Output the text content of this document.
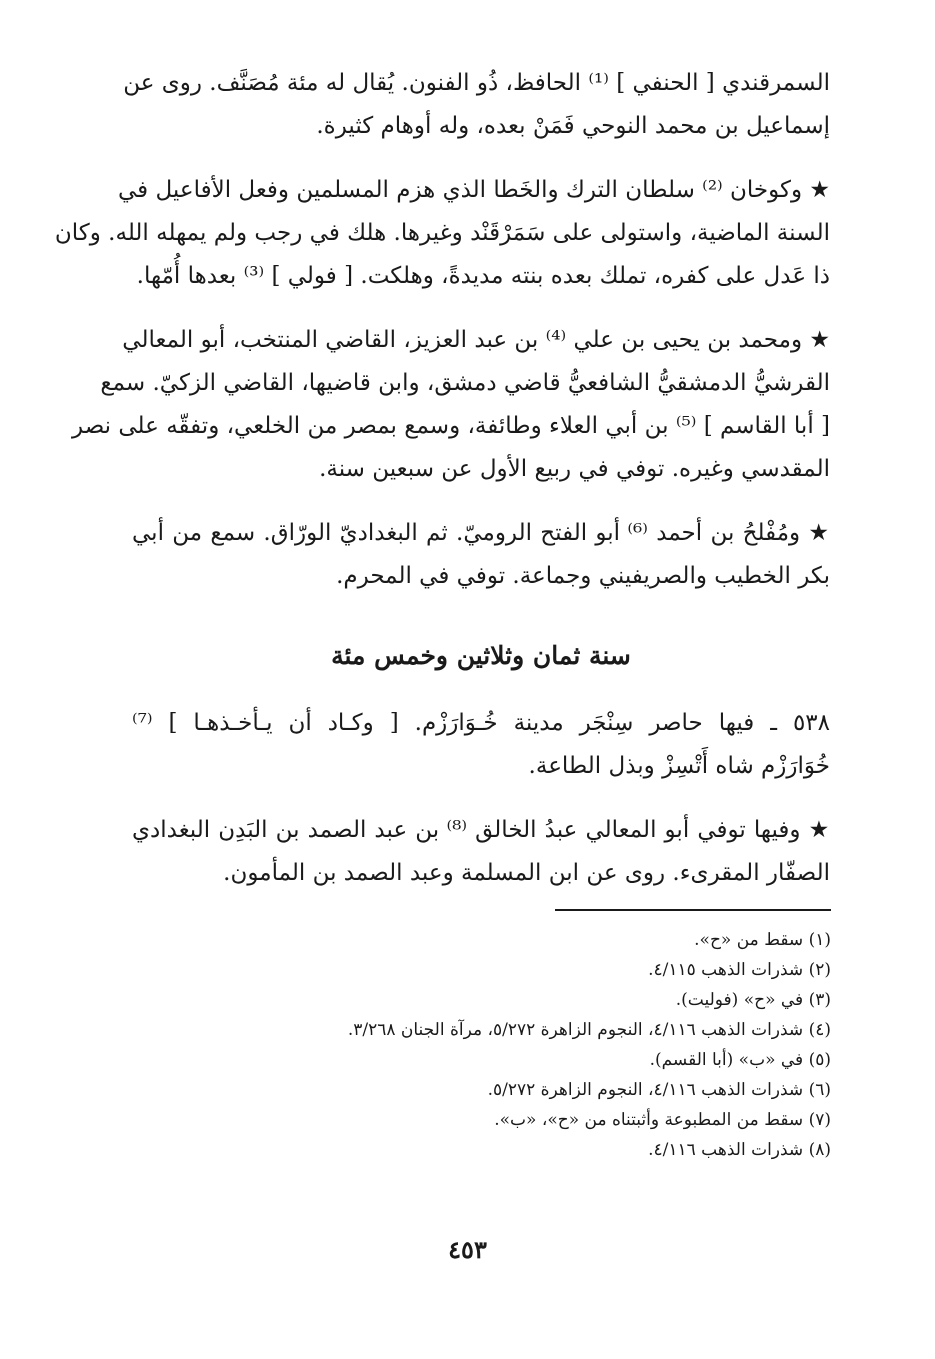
السمرقندي [ الحنفي ] ⁽¹⁾ الحافظ، ذُو الفنون. يُقال له مئة مُصَنَّف. روى عن
إسماعيل بن محمد النوحي فَمَنْ بعده، وله أوهام كثيرة.
★ وكوخان ⁽²⁾ سلطان الترك والخَطا الذي هزم المسلمين وفعل الأفاعيل في
السنة الماضية، واستولى على سَمَرْقَنْد وغيرها. هلك في رجب ولم يمهله الله. وكان
ذا عَدل على كفره، تملك بعده بنته مديدةً، وهلكت. [ فولي ] ⁽³⁾ بعدها أُمّها.
★ ومحمد بن يحيى بن علي ⁽⁴⁾ بن عبد العزيز، القاضي المنتخب، أبو المعالي
القرشيُّ الدمشقيُّ الشافعيُّ قاضي دمشق، وابن قاضيها، القاضي الزكيّ. سمع
[ أبا القاسم ] ⁽⁵⁾ بن أبي العلاء وطائفة، وسمع بمصر من الخلعي، وتفقّه على نصر
المقدسي وغيره. توفي في ربيع الأول عن سبعين سنة.
★ ومُفْلحُ بن أحمد ⁽⁶⁾ أبو الفتح الروميّ. ثم البغداديّ الورّاق. سمع من أبي
بكر الخطيب والصريفيني وجماعة. توفي في المحرم.
سنة ثمان وثلاثين وخمس مئة
٥٣٨ ـ فيها حاصر سِنْجَر مدينة خُـوَارَزْم. [ وكـاد أن يـأخـذهـا ] ⁽⁷⁾
خُوَارَزْم شاه أَتْسِزْ وبذل الطاعة.
★ وفيها توفي أبو المعالي عبدُ الخالق ⁽⁸⁾ بن عبد الصمد بن البَدِن البغدادي
الصفّار المقرىء. روى عن ابن المسلمة وعبد الصمد بن المأمون.
(١) سقط من «ح».
(٢) شذرات الذهب ٤/١١٥.
(٣) في «ح» (فوليت).
(٤) شذرات الذهب ٤/١١٦، النجوم الزاهرة ٥/٢٧٢، مرآة الجنان ٣/٢٦٨.
(٥) في «ب» (أبا القسم).
(٦) شذرات الذهب ٤/١١٦، النجوم الزاهرة ٥/٢٧٢.
(٧) سقط من المطبوعة وأثبتناه من «ح»، «ب».
(٨) شذرات الذهب ٤/١١٦.
٤٥٣
